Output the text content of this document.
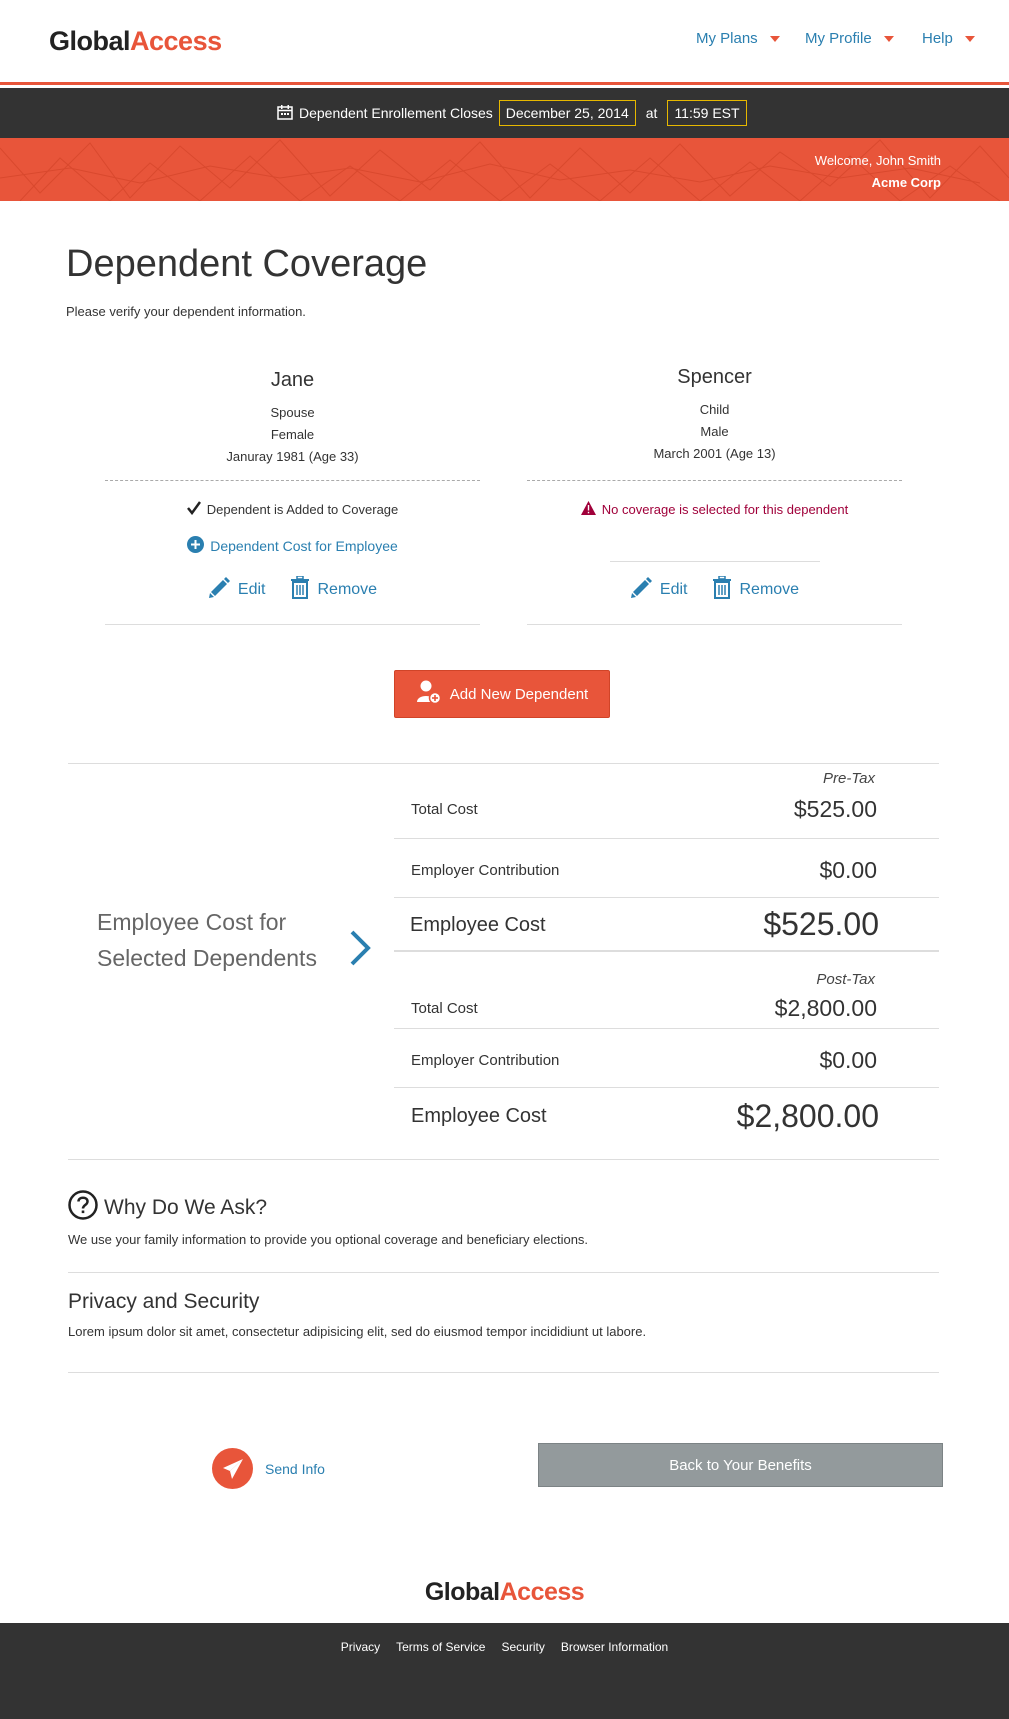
GlobalAccess	My Plans	My Profile	Help
Dependent Enrollement Closes December 25, 2014	at	11:59 EST
Welcome, John Smith
Acme Corp
Dependent Coverage
Please verify your dependent information.
Jane
Spouse
Female
Januray 1981 (Age 33)
Dependent is Added to Coverage
Dependent Cost for Employee
Edit	Remove
Spencer
Child
Male
March 2001 (Age 13)
No coverage is selected for this dependent
Edit	Remove
Add New Dependent
Employee Cost for
Selected Dependents
Pre-Tax
Total Cost	$525.00
Employer Contribution	$0.00
Employee Cost	$525.00
Post-Tax
Total Cost	$2,800.00
Employer Contribution	$0.00
Employee Cost	$2,800.00
Why Do We Ask?
We use your family information to provide you optional coverage and beneficiary elections.
Privacy and Security
Lorem ipsum dolor sit amet, consectetur adipisicing elit, sed do eiusmod tempor incididiunt ut labore.
Send Info	Back to Your Benefits
GlobalAccess
Privacy Terms of Service Security Browser Information
